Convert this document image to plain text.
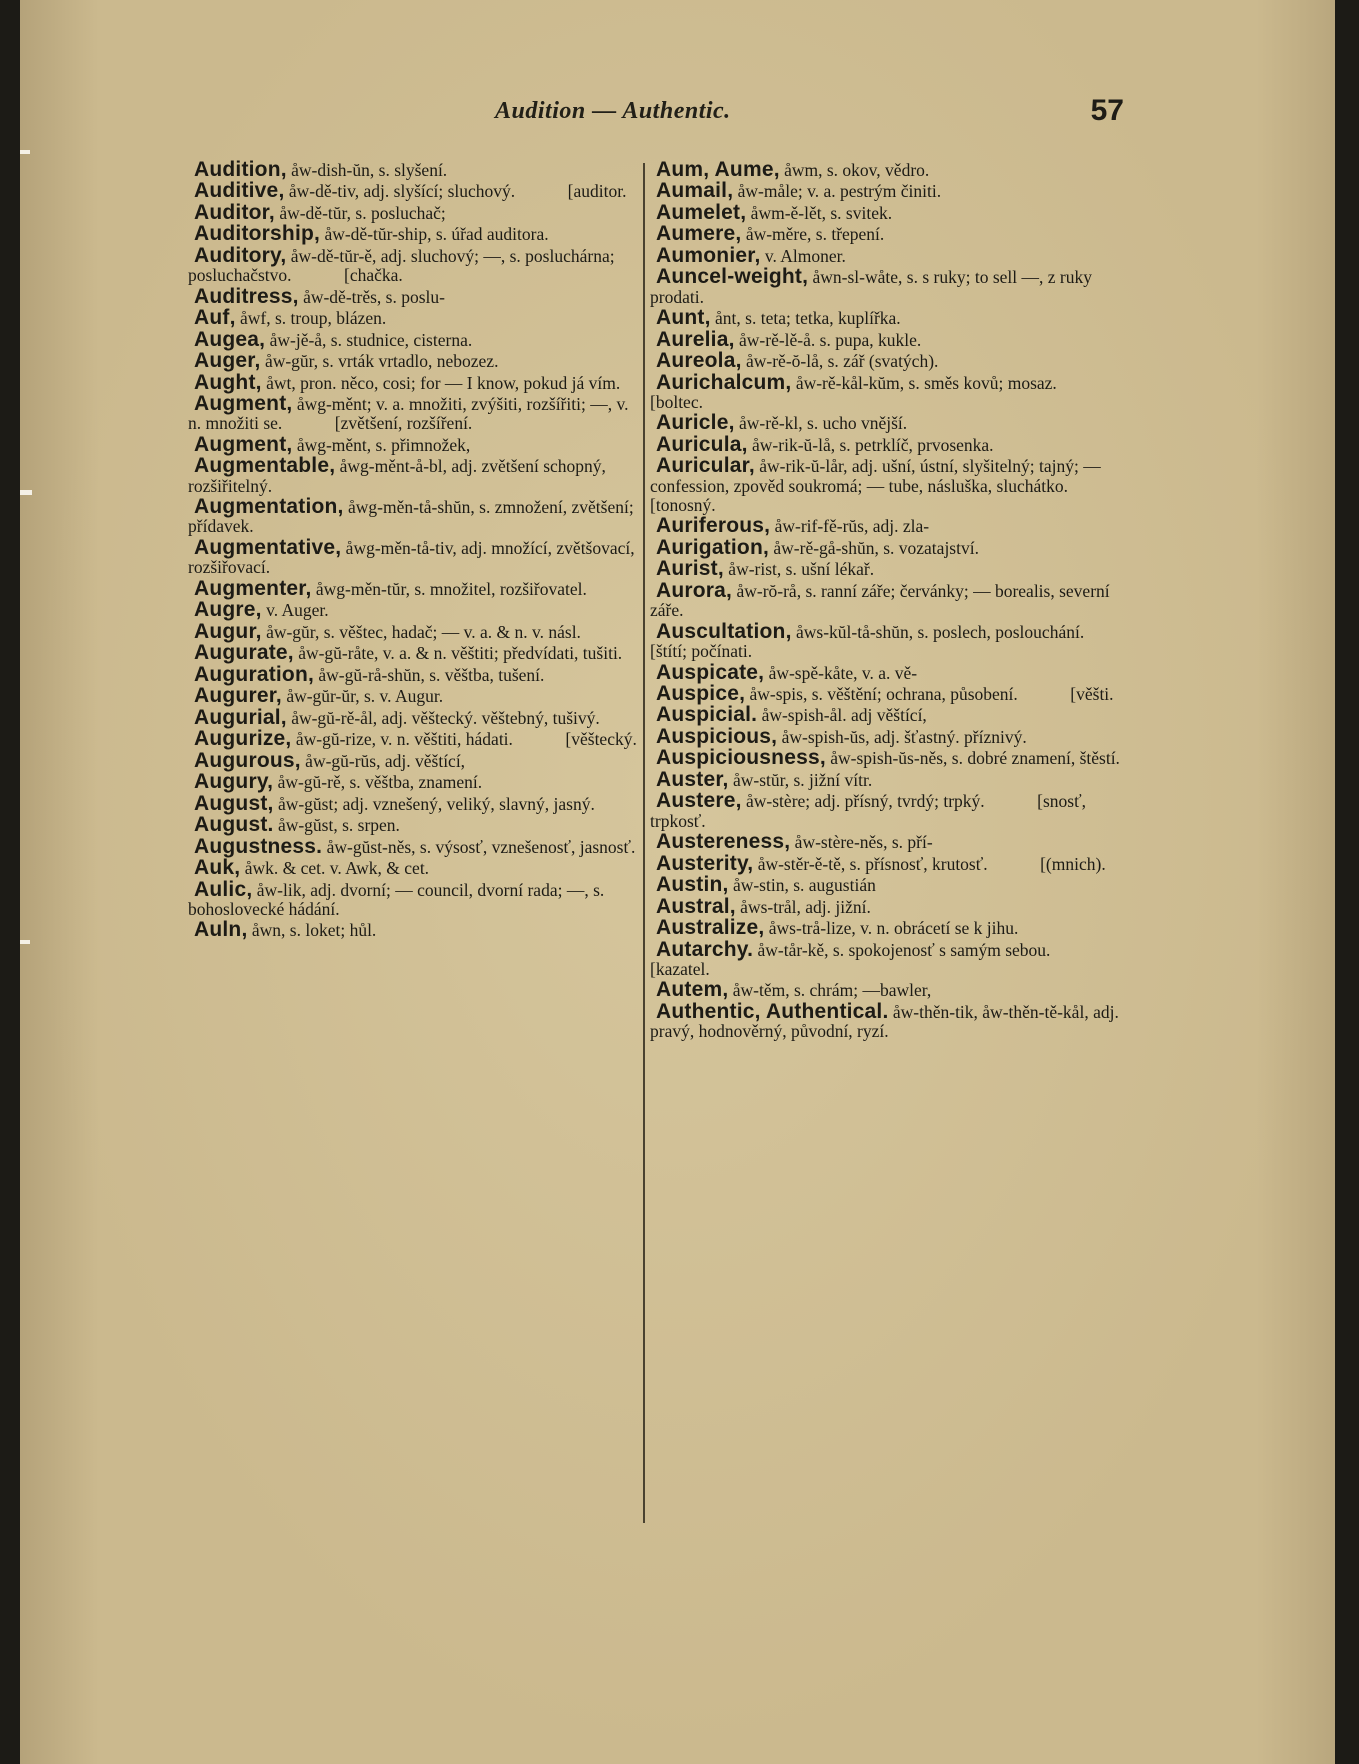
Audition — Authentic.	57
Audition, åw-dish-ŭn, s. slyšení.
Auditive, åw-dě-tiv, adj. slyšící; sluchový.            [auditor.
Auditor, åw-dě-tŭr, s. posluchač;
Auditorship, åw-dě-tŭr-ship, s. úřad auditora.
Auditory, åw-dě-tŭr-ě, adj. sluchový; —, s. posluchárna; posluchačstvo.            [chačka.
Auditress, åw-dě-trěs, s. poslu-
Auf, åwf, s. troup, blázen.
Augea, åw-jě-å, s. studnice, cisterna.
Auger, åw-gŭr, s. vrták vrtadlo, nebozez.
Aught, åwt, pron. něco, cosi; for — I know, pokud já vím.
Augment, åwg-měnt; v. a. množiti, zvýšiti, rozšířiti; —, v. n. množiti se.            [zvětšení, rozšíření.
Augment, åwg-měnt, s. přimnožek,
Augmentable, åwg-měnt-å-bl, adj. zvětšení schopný, rozšiřitelný.
Augmentation, åwg-měn-tå-shŭn, s. zmnožení, zvětšení; přídavek.
Augmentative, åwg-měn-tå-tiv, adj. množící, zvětšovací, rozšiřovací.
Augmenter, åwg-měn-tŭr, s. množitel, rozšiřovatel.
Augre, v. Auger.
Augur, åw-gŭr, s. věštec, hadač; — v. a. & n. v. násl.
Augurate, åw-gŭ-råte, v. a. & n. věštiti; předvídati, tušiti.
Auguration, åw-gŭ-rå-shŭn, s. věštba, tušení.
Augurer, åw-gŭr-ŭr, s. v. Augur.
Augurial, åw-gŭ-rě-ål, adj. věštecký. věštebný, tušivý.
Augurize, åw-gŭ-rize, v. n. věštiti, hádati.            [věštecký.
Augurous, åw-gŭ-rŭs, adj. věštící,
Augury, åw-gŭ-rě, s. věštba, znamení.
August, åw-gŭst; adj. vznešený, veliký, slavný, jasný.
August. åw-gŭst, s. srpen.
Augustness. åw-gŭst-něs, s. výsosť, vznešenosť, jasnosť.
Auk, åwk. & cet. v. Awk, & cet.
Aulic, åw-lik, adj. dvorní; — council, dvorní rada; —, s. bohoslovecké hádání.
Auln, åwn, s. loket; hůl.
Aum, Aume, åwm, s. okov, vědro.
Aumail, åw-måle; v. a. pestrým činiti.
Aumelet, åwm-ě-lět, s. svitek.
Aumere, åw-měre, s. třepení.
Aumonier, v. Almoner.
Auncel-weight, åwn-sl-wåte, s. s ruky; to sell —, z ruky prodati.
Aunt, ånt, s. teta; tetka, kuplířka.
Aurelia, åw-rě-lě-å. s. pupa, kukle.
Aureola, åw-rě-ŏ-lå, s. zář (svatých).
Aurichalcum, åw-rě-kål-kŭm, s. směs kovů; mosaz.            [boltec.
Auricle, åw-rě-kl, s. ucho vnější.
Auricula, åw-rik-ŭ-lå, s. petrklíč, prvosenka.
Auricular, åw-rik-ŭ-lår, adj. ušní, ústní, slyšitelný; tajný; — confession, zpověd soukromá; — tube, násluška, sluchátko.            [tonosný.
Auriferous, åw-rif-fě-rŭs, adj. zla-
Aurigation, åw-rě-gå-shŭn, s. vozatajství.
Aurist, åw-rist, s. ušní lékař.
Aurora, åw-rŏ-rå, s. ranní záře; červánky; — borealis, severní záře.
Auscultation, åws-kŭl-tå-shŭn, s. poslech, poslouchání.   [štítí; počínati.
Auspicate, åw-spě-kåte, v. a. vě-
Auspice, åw-spis, s. věštění; ochrana, působení.            [věšti.
Auspicial. åw-spish-ål. adj věštící,
Auspicious, åw-spish-ŭs, adj. šťastný. příznivý.
Auspiciousness, åw-spish-ŭs-něs, s. dobré znamení, štěstí.
Auster, åw-stŭr, s. jižní vítr.
Austere, åw-stère; adj. přísný, tvrdý; trpký.            [snosť, trpkosť.
Austereness, åw-stère-něs, s. pří-
Austerity, åw-stěr-ě-tě, s. přísnosť, krutosť.            [(mnich).
Austin, åw-stin, s. augustián
Austral, åws-trål, adj. jižní.
Australize, åws-trå-lize, v. n. obrácetí se k jihu.
Autarchy. åw-tår-kě, s. spokojenosť s samým sebou.            [kazatel.
Autem, åw-těm, s. chrám; —bawler,
Authentic, Authentical. åw-thěn-tik, åw-thěn-tě-kål, adj. pravý, hodnověrný, původní, ryzí.
